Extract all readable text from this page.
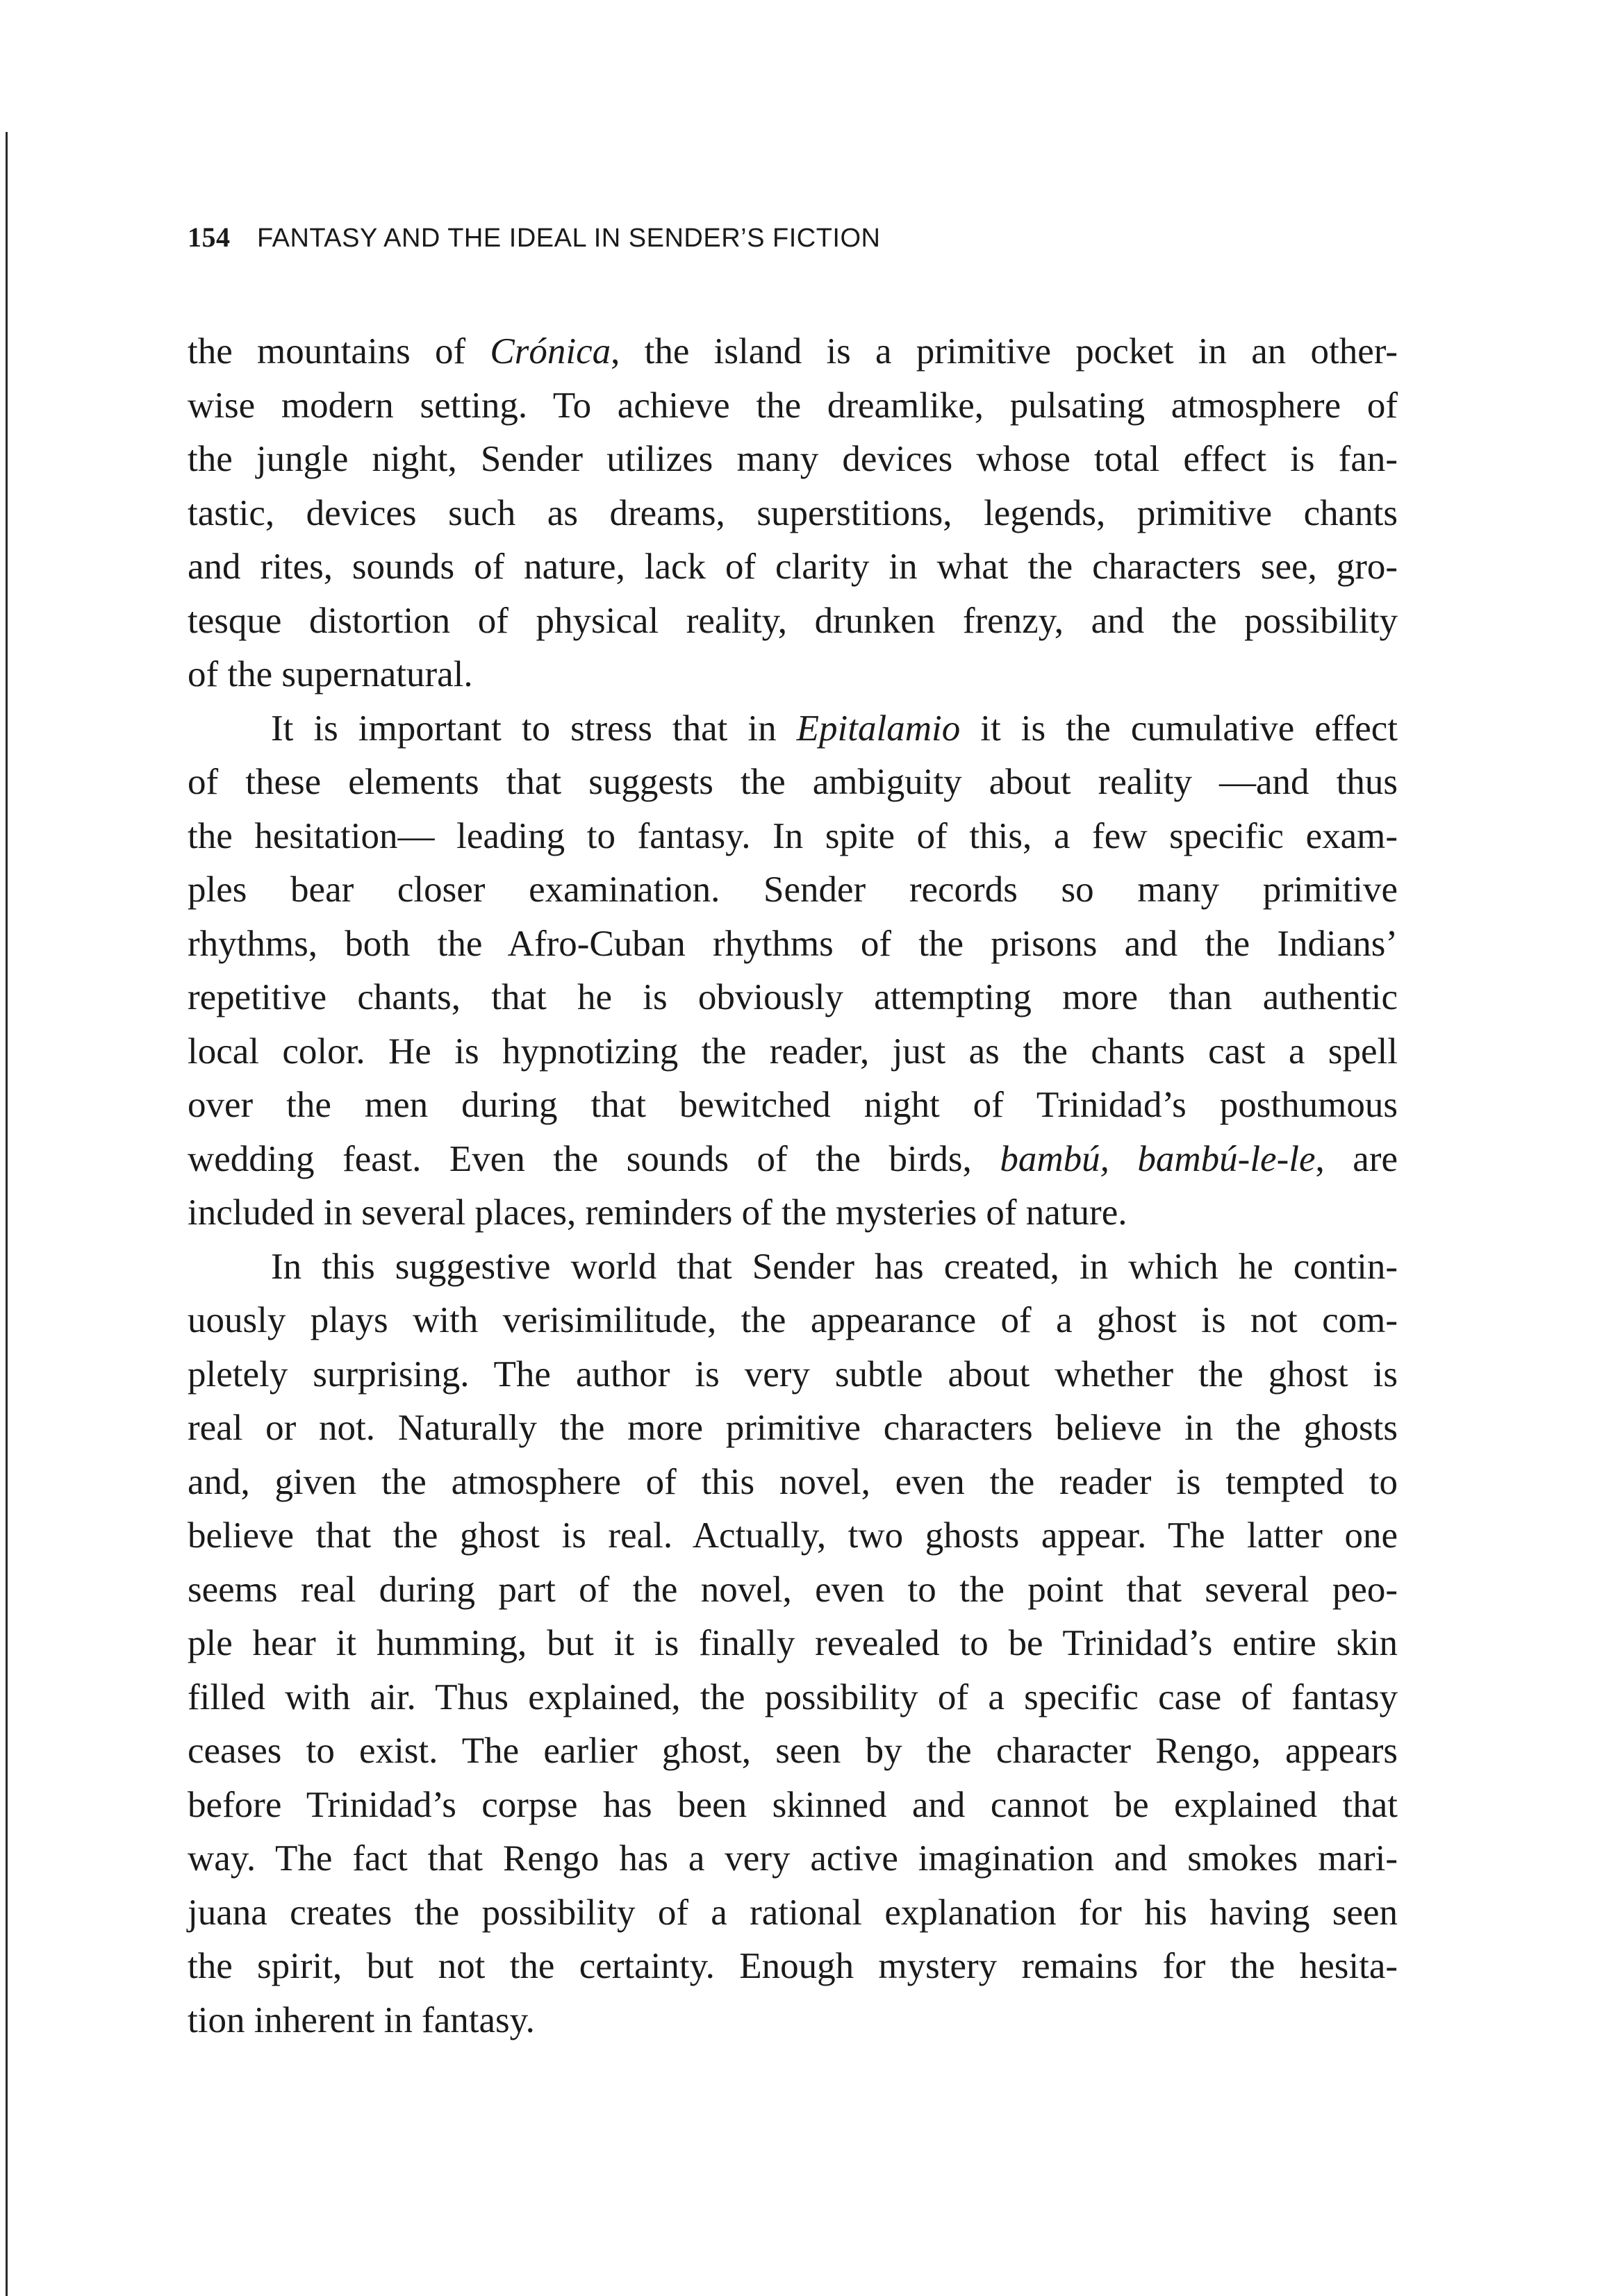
154 FANTASY AND THE IDEAL IN SENDER’S FICTION
the mountains of Crónica, the island is a primitive pocket in an other-
wise modern setting. To achieve the dreamlike, pulsating atmosphere of
the jungle night, Sender utilizes many devices whose total effect is fan-
tastic, devices such as dreams, superstitions, legends, primitive chants
and rites, sounds of nature, lack of clarity in what the characters see, gro-
tesque distortion of physical reality, drunken frenzy, and the possibility
of the supernatural.
It is important to stress that in Epitalamio it is the cumulative effect
of these elements that suggests the ambiguity about reality —and thus
the hesitation— leading to fantasy. In spite of this, a few specific exam-
ples bear closer examination. Sender records so many primitive
rhythms, both the Afro-Cuban rhythms of the prisons and the Indians’
repetitive chants, that he is obviously attempting more than authentic
local color. He is hypnotizing the reader, just as the chants cast a spell
over the men during that bewitched night of Trinidad’s posthumous
wedding feast. Even the sounds of the birds, bambú, bambú-le-le, are
included in several places, reminders of the mysteries of nature.
In this suggestive world that Sender has created, in which he contin-
uously plays with verisimilitude, the appearance of a ghost is not com-
pletely surprising. The author is very subtle about whether the ghost is
real or not. Naturally the more primitive characters believe in the ghosts
and, given the atmosphere of this novel, even the reader is tempted to
believe that the ghost is real. Actually, two ghosts appear. The latter one
seems real during part of the novel, even to the point that several peo-
ple hear it humming, but it is finally revealed to be Trinidad’s entire skin
filled with air. Thus explained, the possibility of a specific case of fantasy
ceases to exist. The earlier ghost, seen by the character Rengo, appears
before Trinidad’s corpse has been skinned and cannot be explained that
way. The fact that Rengo has a very active imagination and smokes mari-
juana creates the possibility of a rational explanation for his having seen
the spirit, but not the certainty. Enough mystery remains for the hesita-
tion inherent in fantasy.
